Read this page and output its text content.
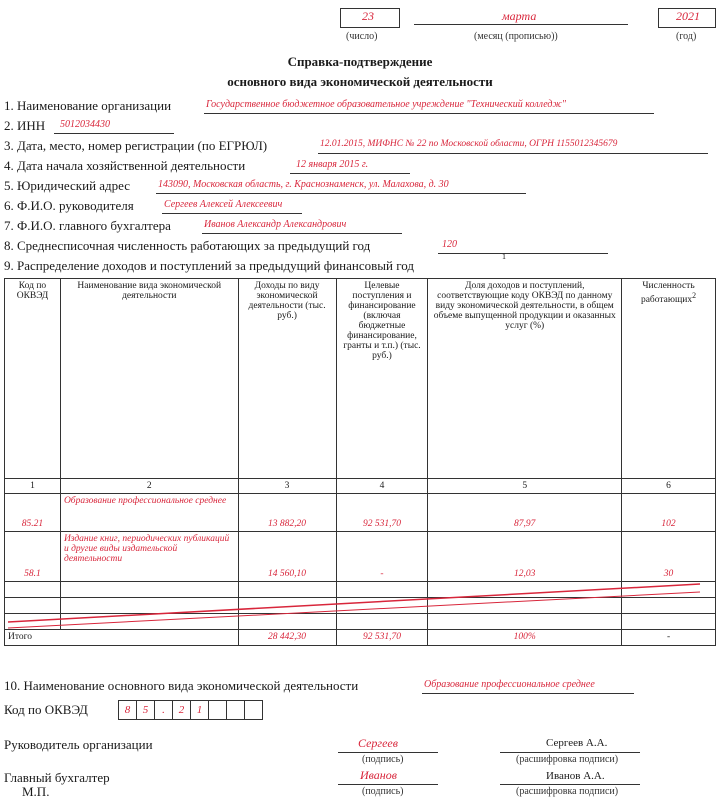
23
(число)
марта
(месяц (прописью))
2021
(год)
Справка-подтверждение
основного вида экономической деятельности
1. Наименование организации	Государственное бюджетное образовательное учреждение "Технический колледж"
2. ИНН 5012034430
3. Дата, место, номер регистрации (по ЕГРЮЛ)	12.01.2015, МИФНС № 22 по Московской области, ОГРН 1155012345679
4. Дата начала хозяйственной деятельности	12 января 2015 г.
5. Юридический адрес	143090, Московская область, г. Краснознаменск, ул. Малахова, д. 30
6. Ф.И.О. руководителя	Сергеев Алексей Алексеевич
7. Ф.И.О. главного бухгалтера	Иванов Александр Александрович
8. Среднесписочная численность работающих за предыдущий год	120
9. Распределение доходов и поступлений за предыдущий финансовый год
1
Код по ОКВЭД	Наименование вида экономической деятельности	Доходы по виду экономической деятельности (тыс. руб.)	Целевые поступления и финансирование (включая бюджетные финансирование, гранты и т.п.) (тыс. руб.)	Доля доходов и поступлений, соответствующие коду ОКВЭД по данному виду экономической деятельности, в общем объеме выпущенной продукции и оказанных услуг (%)	Численность работающих$^2$
1	2	3	4	5	6
85.21	Образование профессиональное среднее	13 882,20	92 531,70	87,97	102
58.1	Издание книг, периодических публикаций и другие виды издательской деятельности	14 560,10	-	12,03	30

Итого		28 442,30	92 531,70	100%	-
10. Наименование основного вида экономической деятельности	Образование профессиональное среднее
Код по ОКВЭД	8	5	.	2	1
Руководитель организации	Сергеев
(подпись)
Сергеев А.А.
(расшифровка подписи)
Главный бухгалтер	Иванов
(подпись)
Иванов А.А.
(расшифровка подписи)
М.П.
